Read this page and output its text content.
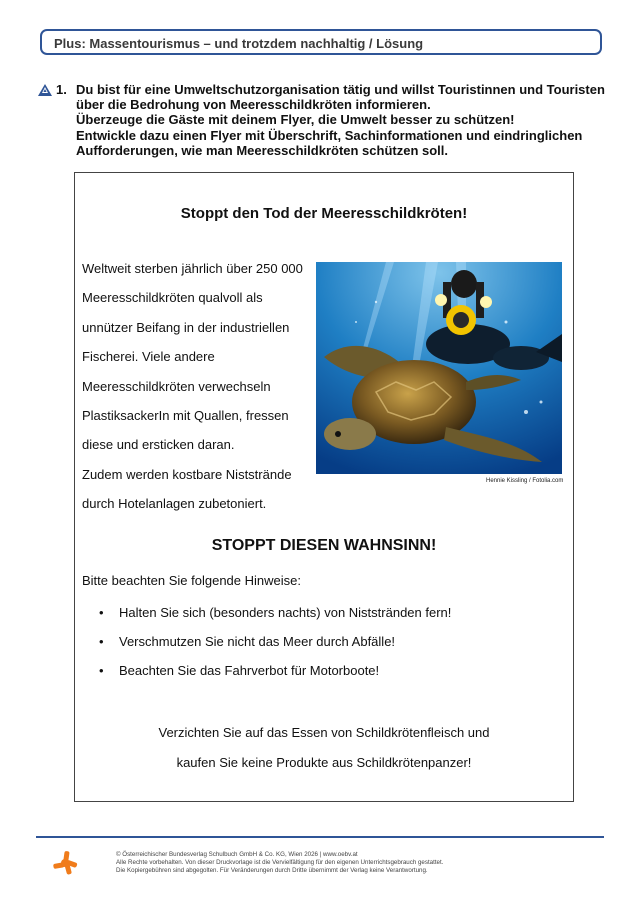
Plus: Massentourismus – und trotzdem nachhaltig / Lösung
1. Du bist für eine Umweltschutzorganisation tätig und willst Touristinnen und Touristen
über die Bedrohung von Meeresschildkröten informieren.
Überzeuge die Gäste mit deinem Flyer, die Umwelt besser zu schützen!
Entwickle dazu einen Flyer mit Überschrift, Sachinformationen und eindringlichen
Aufforderungen, wie man Meeresschildkröten schützen soll.
Stoppt den Tod der Meeresschildkröten!
Weltweit sterben jährlich über 250 000
Meeresschildkröten qualvoll als
unnützer Beifang in der industriellen
Fischerei. Viele andere
Meeresschildkröten verwechseln
PlastiksackerIn mit Quallen, fressen
diese und ersticken daran.
Zudem werden kostbare Niststrände
durch Hotelanlagen zubetoniert.
Hennie Kissling / Fotolia.com
STOPPT DIESEN WAHNSINN!
Bitte beachten Sie folgende Hinweise:
• Halten Sie sich (besonders nachts) von Niststränden fern!
• Verschmutzen Sie nicht das Meer durch Abfälle!
• Beachten Sie das Fahrverbot für Motorboote!
Verzichten Sie auf das Essen von Schildkrötenfleisch und
kaufen Sie keine Produkte aus Schildkrötenpanzer!
© Österreichischer Bundesverlag Schulbuch GmbH & Co. KG, Wien 2026 | www.oebv.at
Alle Rechte vorbehalten. Von dieser Druckvorlage ist die Vervielfältigung für den eigenen Unterrichtsgebrauch gestattet.
Die Kopiergebühren sind abgegolten. Für Veränderungen durch Dritte übernimmt der Verlag keine Verantwortung.
